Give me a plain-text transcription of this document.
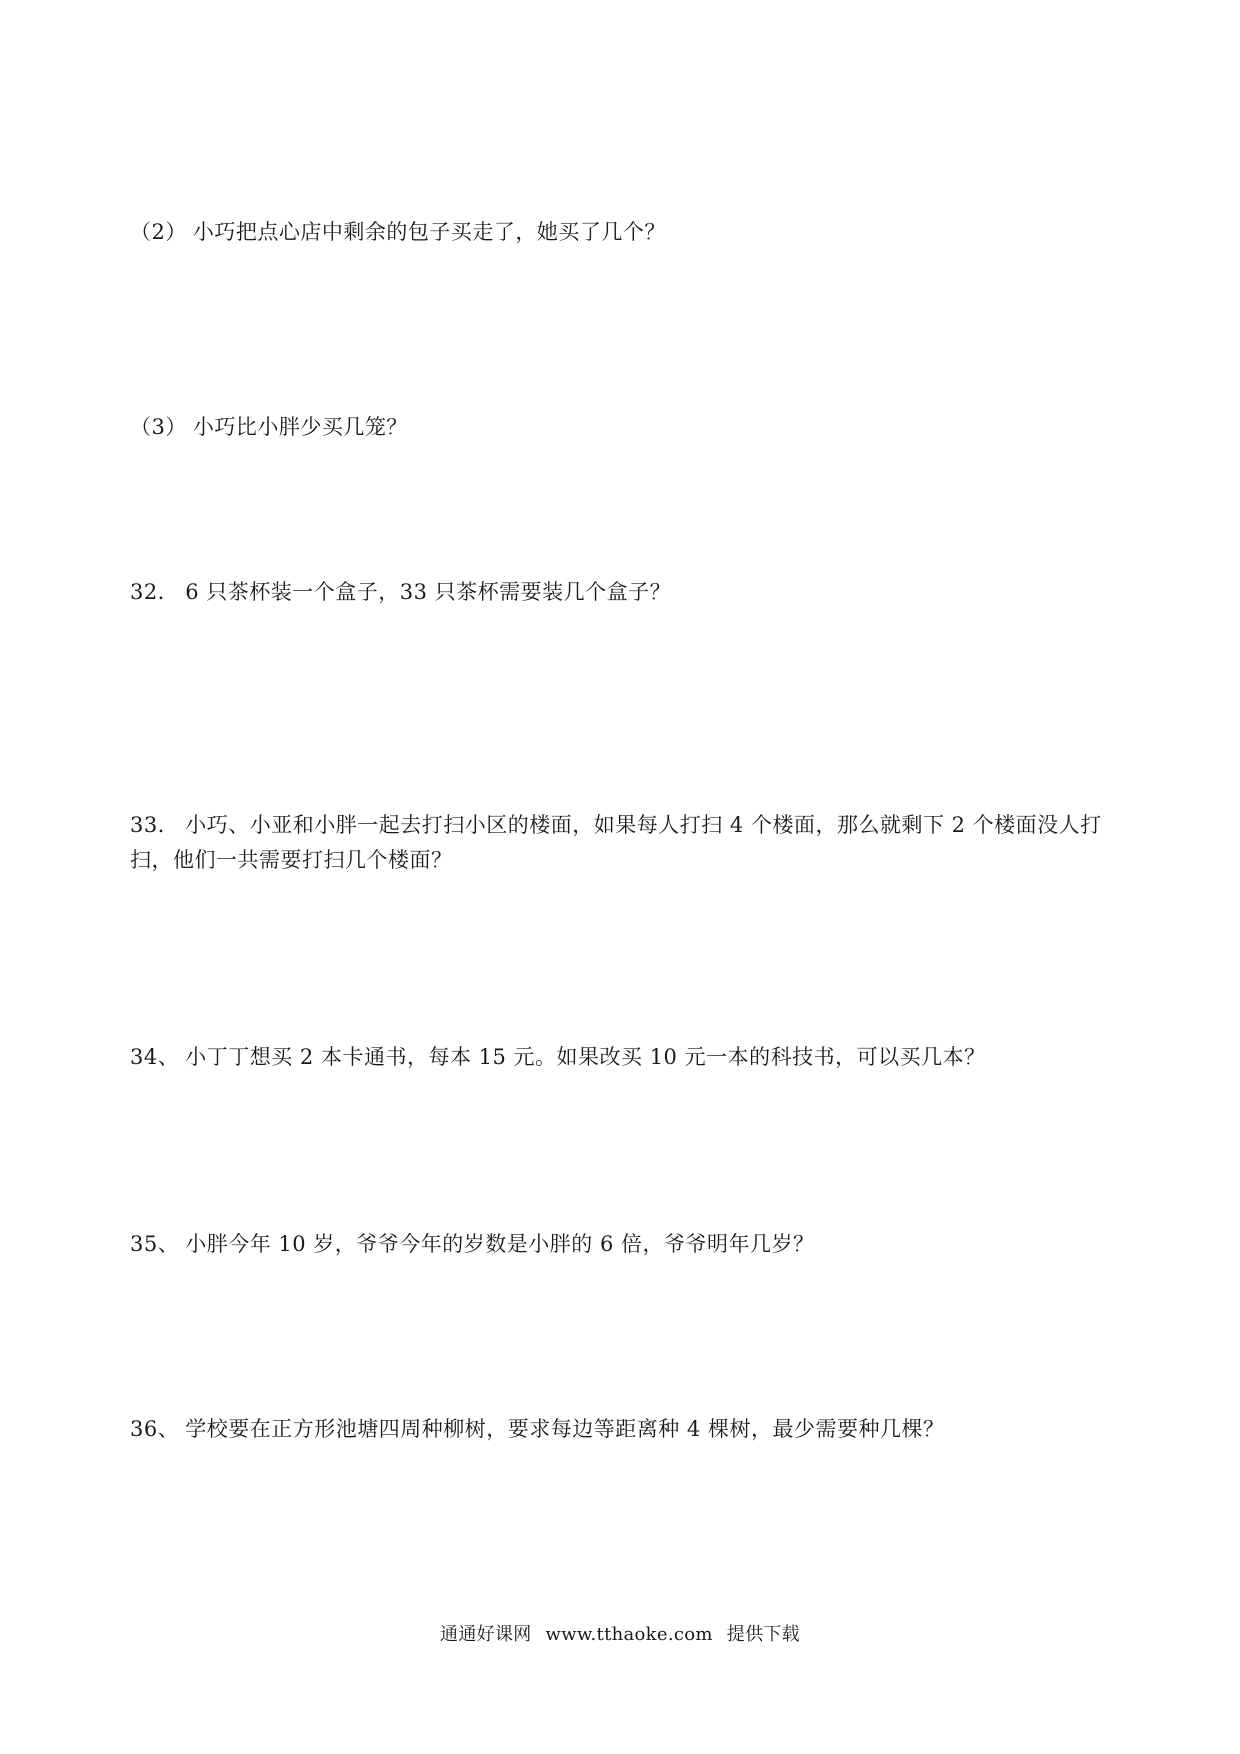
（2） 小巧把点心店中剩余的包子买走了，她买了几个？
（3） 小巧比小胖少买几笼？
32． 6 只茶杯装一个盒子，33 只茶杯需要装几个盒子？
33． 小巧、小亚和小胖一起去打扫小区的楼面，如果每人打扫 4 个楼面，那么就剩下 2 个楼面没人打扫，他们一共需要打扫几个楼面？
34、 小丁丁想买 2 本卡通书，每本 15 元。如果改买 10 元一本的科技书，可以买几本？
35、 小胖今年 10 岁，爷爷今年的岁数是小胖的 6 倍，爷爷明年几岁？
36、 学校要在正方形池塘四周种柳树，要求每边等距离种 4 棵树，最少需要种几棵？
通通好课网 www.tthaoke.com 提供下载
